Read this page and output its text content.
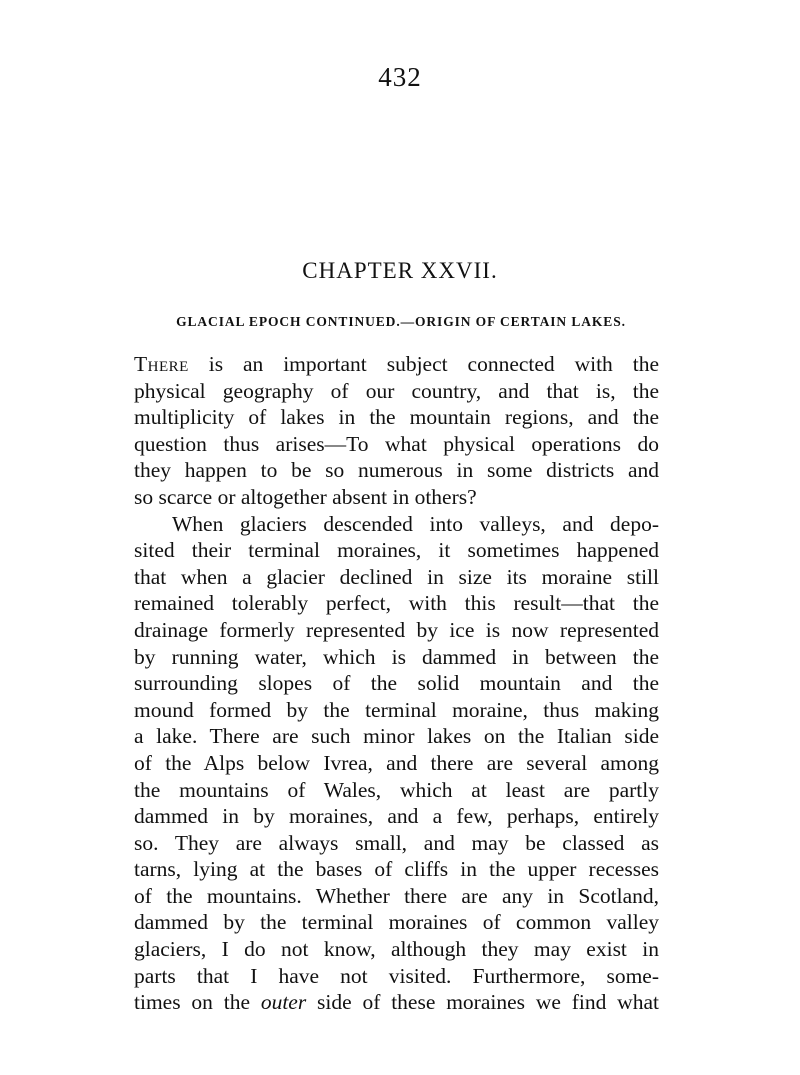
432
CHAPTER XXVII.
GLACIAL EPOCH CONTINUED.—ORIGIN OF CERTAIN LAKES.
There is an important subject connected with the
physical geography of our country, and that is, the
multiplicity of lakes in the mountain regions, and the
question thus arises—To what physical operations do
they happen to be so numerous in some districts and
so scarce or altogether absent in others?
When glaciers descended into valleys, and depo-
sited their terminal moraines, it sometimes happened
that when a glacier declined in size its moraine still
remained tolerably perfect, with this result—that the
drainage formerly represented by ice is now represented
by running water, which is dammed in between the
surrounding slopes of the solid mountain and the
mound formed by the terminal moraine, thus making
a lake. There are such minor lakes on the Italian side
of the Alps below Ivrea, and there are several among
the mountains of Wales, which at least are partly
dammed in by moraines, and a few, perhaps, entirely
so. They are always small, and may be classed as
tarns, lying at the bases of cliffs in the upper recesses
of the mountains. Whether there are any in Scotland,
dammed by the terminal moraines of common valley
glaciers, I do not know, although they may exist in
parts that I have not visited. Furthermore, some-
times on the outer side of these moraines we find what
